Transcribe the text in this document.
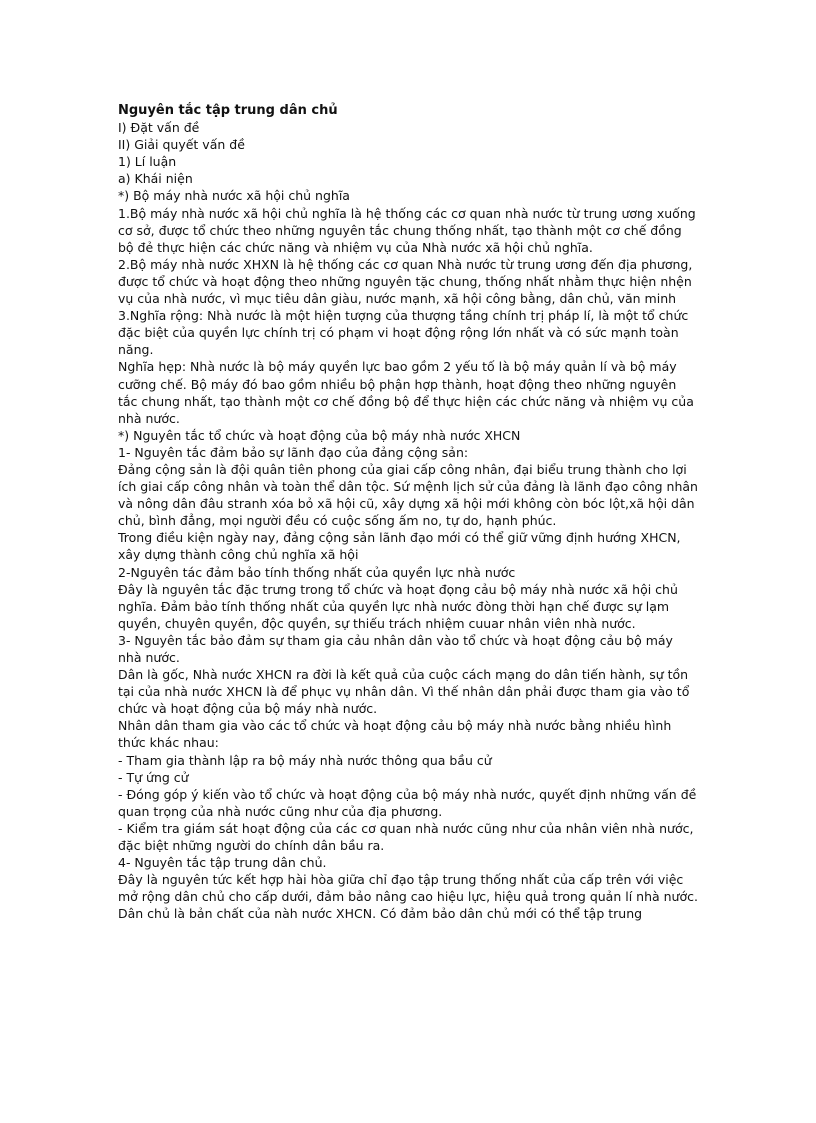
Nguyên tắc tập trung dân chủ

I) Đặt vấn đề

II) Giải quyết vấn đề

1) Lí luận

a) Khái niện

*) Bộ máy nhà nước xã hội chủ nghĩa

1.Bộ máy nhà nước xã hội chủ nghĩa là hệ thống các cơ quan nhà nước từ trung ương xuống cơ sở, được tổ chức theo những nguyên tắc chung thống nhất, tạo thành một cơ chế đồng bộ đẻ thực hiện các chức năng và nhiệm vụ của Nhà nước xã hội chủ nghĩa.

2.Bộ máy nhà nước XHXN là hệ thống các cơ quan Nhà nước từ trung ương đến địa phương, được tổ chức và hoạt động theo những nguyên tặc chung, thống nhất nhằm thực hiện nhện vụ của nhà nước, vì mục tiêu dân giàu, nước mạnh, xã hội công bằng, dân chủ, văn minh

3.Nghĩa rộng: Nhà nước là một hiện tượng của thượng tầng chính trị pháp lí, là một tổ chức đặc biệt của quyền lực chính trị có phạm vi hoạt động rộng lớn nhất và có sức mạnh toàn năng.

Nghĩa hẹp: Nhà nước là bộ máy quyền lực bao gồm 2 yếu tố là bộ máy quản lí và bộ máy cưỡng chế. Bộ máy đó bao gồm nhiều bộ phận hợp thành, hoạt động theo những nguyên tắc chung nhất, tạo thành một cơ chế đồng bộ để thực hiện các chức năng và nhiệm vụ của nhà nước.

*) Nguyên tắc tổ chức và hoạt động của bộ máy nhà nước XHCN

1- Nguyên tắc đảm bảo sự lãnh đạo của đảng cộng sản:

Đảng cộng sản là đội quân tiên phong của giai cấp công nhân, đại biểu trung thành cho lợi ích giai cấp công nhân và toàn thể dân tộc. Sứ mệnh lịch sử của đảng là lãnh đạo công nhân và nông dân đâu stranh xóa bỏ xã hội cũ, xây dựng xã hội mới không còn bóc lột,xã hội dân chủ, bình đẳng, mọi người đều có cuộc sống ấm no, tự do, hạnh phúc.

Trong điều kiện ngày nay, đảng cộng sản lãnh đạo mới có thể giữ vững định hướng XHCN, xây dựng thành công chủ nghĩa xã hội

2-Nguyên tác đảm bảo tính thống nhất của quyền lực nhà nước

Đây là nguyên tắc đặc trưng trong tổ chức và hoạt đọng cảu bộ máy nhà nước xã hội chủ nghĩa. Đảm bảo tính thống nhất của quyền lực nhà nước đòng thời hạn chế được sự lạm quyền, chuyên quyền, độc quyền, sự thiếu trách nhiệm cuuar nhân viên nhà nước.

3- Nguyên tắc bảo đảm sự tham gia cảu nhân dân vào tổ chức và hoạt động cảu bộ máy nhà nước.

Dân là gốc, Nhà nước XHCN ra đời là kết quả của cuộc cách mạng do dân tiến hành, sự tồn tại của nhà nước XHCN là để phục vụ nhân dân. Vì thế nhân dân phải được tham gia vào tổ chức và hoạt động của bộ máy nhà nước.

Nhân dân tham gia vào các tổ chức và hoạt động cảu bộ máy nhà nước bằng nhiều hình thức khác nhau:

- Tham gia thành lập ra bộ máy nhà nước thông qua bầu cử

- Tự ứng cử

- Đóng góp ý kiến vào tổ chức và hoạt động của bộ máy nhà nước, quyết định những vấn đề quan trọng của nhà nước cũng như của địa phương.

- Kiểm tra giám sát hoạt động của các cơ quan nhà nước cũng như của nhân viên nhà nước, đặc biệt những người do chính dân bầu ra.

4- Nguyên tắc tập trung dân chủ.

Đây là nguyên tức kết hợp hài hòa giữa chỉ đạo tập trung thống nhất của cấp trên với việc mở rộng dân chủ cho cấp dưới, đảm bảo nâng cao hiệu lực, hiệu quả trong quản lí nhà nước.

Dân chủ là bản chất của nàh nước XHCN. Có đảm bảo dân chủ mới có thể tập trung
